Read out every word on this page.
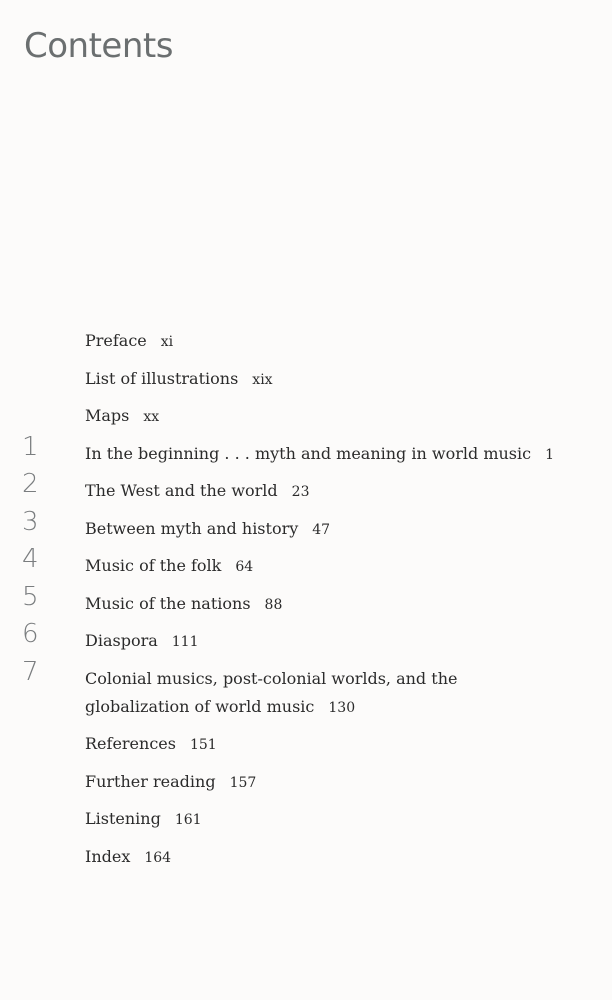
Contents
Preface xi
List of illustrations xix
Maps xx
1	In the beginning . . . myth and meaning in world music 1
2	The West and the world 23
3	Between myth and history 47
4	Music of the folk 64
5	Music of the nations 88
6	Diaspora 111
7	Colonial musics, post-colonial worlds, and the globalization of world music 130
References 151
Further reading 157
Listening 161
Index 164
